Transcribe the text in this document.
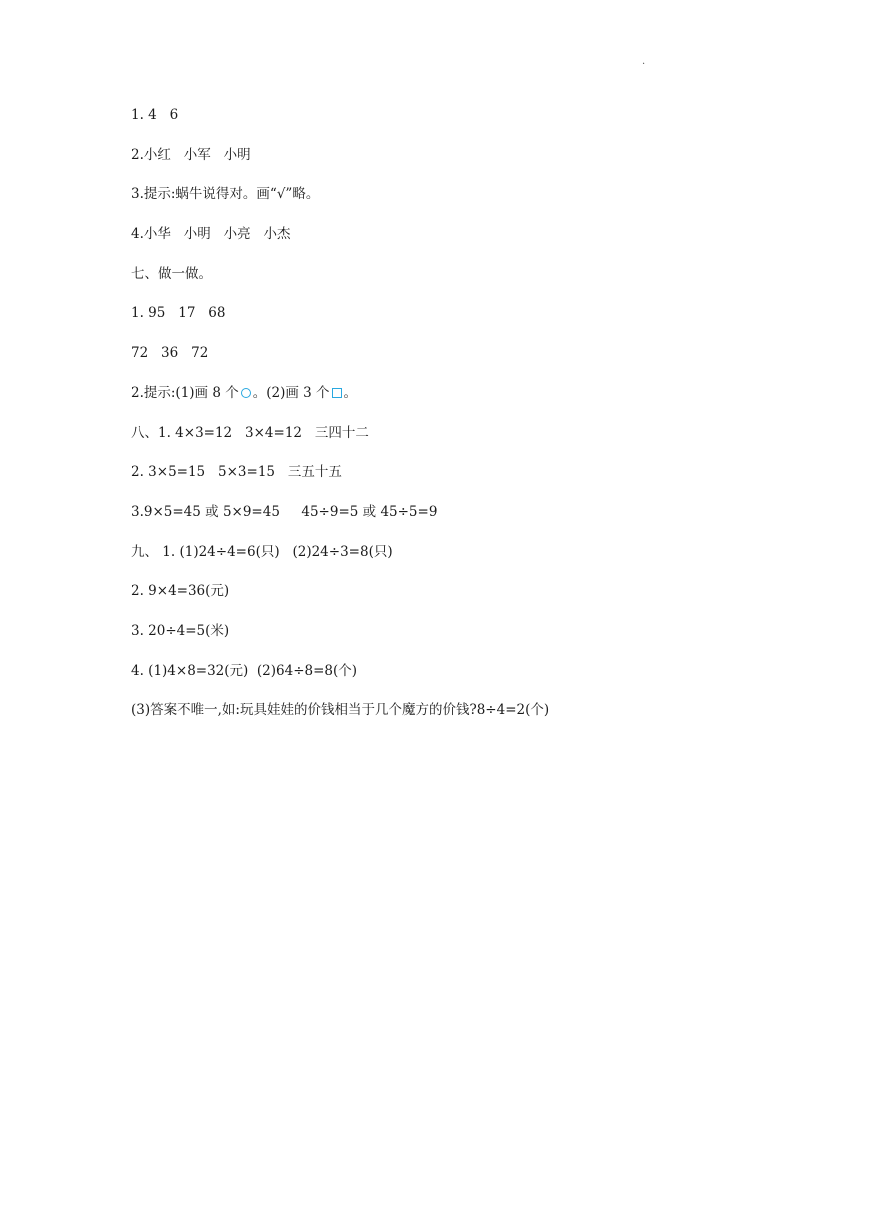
.
1. 4   6
2.小红   小军   小明
3.提示:蜗牛说得对。画“√”略。
4.小华   小明   小亮   小杰
七、做一做。
1. 95   17   68
72   36   72
2.提示:(1)画 8 个 。(2)画 3 个 。
八、1. 4×3=12   3×4=12   三四十二
2. 3×5=15   5×3=15   三五十五
3.9×5=45 或 5×9=45     45÷9=5 或 45÷5=9
九、 1. (1)24÷4=6(只)   (2)24÷3=8(只)
2. 9×4=36(元)
3. 20÷4=5(米)
4. (1)4×8=32(元)  (2)64÷8=8(个)
(3)答案不唯一,如:玩具娃娃的价钱相当于几个魔方的价钱?8÷4=2(个)
